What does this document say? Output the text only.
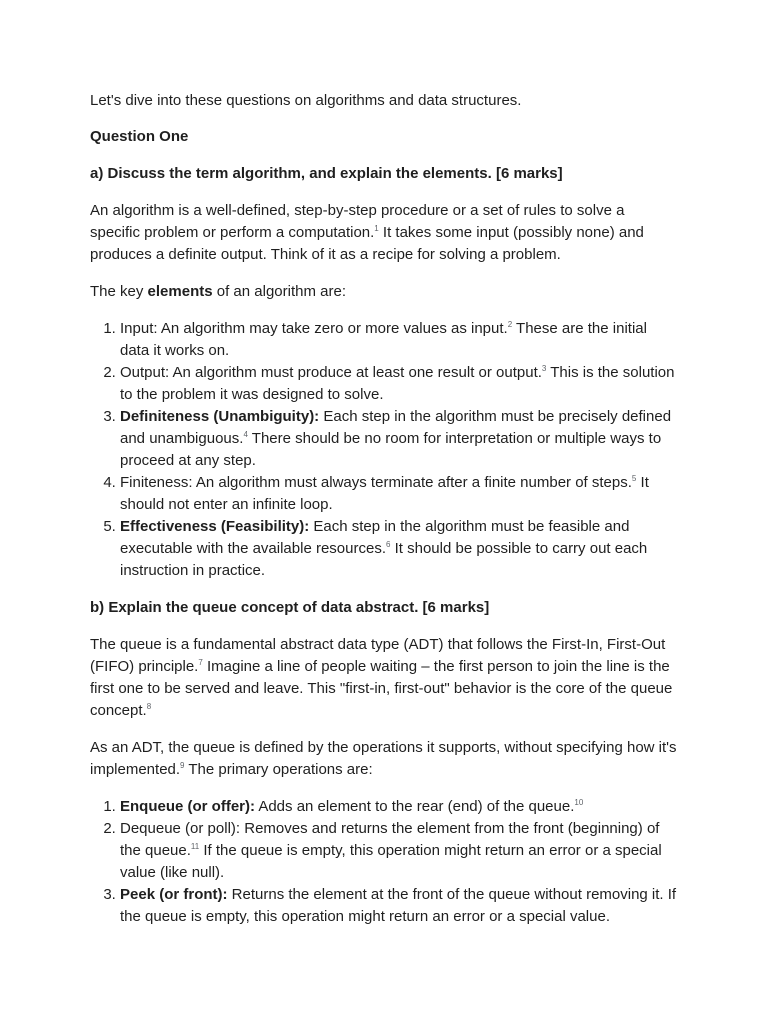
Let's dive into these questions on algorithms and data structures.

Question One
a) Discuss the term algorithm, and explain the elements. [6 marks]

An algorithm is a well-defined, step-by-step procedure or a set of rules to solve a specific problem or perform a computation.$^1$ It takes some input (possibly none) and produces a definite output. Think of it as a recipe for solving a problem.

The key elements of an algorithm are:

1. Input: An algorithm may take zero or more values as input.$^2$ These are the initial data it works on.
2. Output: An algorithm must produce at least one result or output.$^3$ This is the solution to the problem it was designed to solve.
3. Definiteness (Unambiguity): Each step in the algorithm must be precisely defined and unambiguous.$^4$ There should be no room for interpretation or multiple ways to proceed at any step.
4. Finiteness: An algorithm must always terminate after a finite number of steps.$^5$ It should not enter an infinite loop.
5. Effectiveness (Feasibility): Each step in the algorithm must be feasible and executable with the available resources.$^6$ It should be possible to carry out each instruction in practice.
b) Explain the queue concept of data abstract. [6 marks]

The queue is a fundamental abstract data type (ADT) that follows the First-In, First-Out (FIFO) principle.$^7$ Imagine a line of people waiting – the first person to join the line is the first one to be served and leave. This "first-in, first-out" behavior is the core of the queue concept.$^8$

As an ADT, the queue is defined by the operations it supports, without specifying how it's implemented.$^9$ The primary operations are:

1. Enqueue (or offer): Adds an element to the rear (end) of the queue.$^{10}$
2. Dequeue (or poll): Removes and returns the element from the front (beginning) of the queue.$^{11}$ If the queue is empty, this operation might return an error or a special value (like null).
3. Peek (or front): Returns the element at the front of the queue without removing it. If the queue is empty, this operation might return an error or a special value.
